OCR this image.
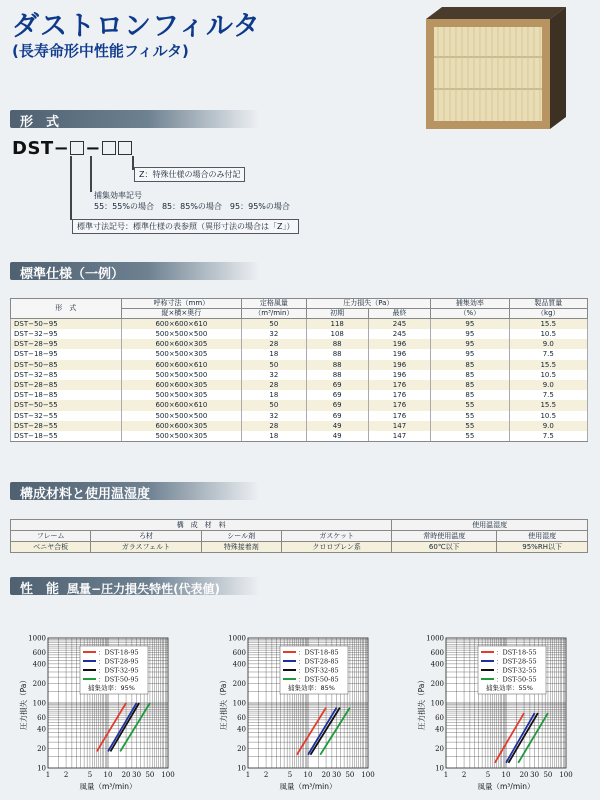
ダストロンフィルタ
(長寿命形中性能フィルタ)
形　式
DST− −
Z：特殊仕様の場合のみ付記
捕集効率記号
55：55%の場合　85：85%の場合　95：95%の場合
標準寸法記号：標準仕様の表参照（異形寸法の場合は「Z」）
標準仕様（一例）
形　式	呼称寸法（mm）	定格風量	圧力損失（Pa）		捕集効率	製品質量
	縦×横×奥行	（m³/min）	初期	最終	（%）	（kg）
DST−50−95	600×600×610	50	118	245	95	15.5
DST−32−95	500×500×500	32	108	245	95	10.5
DST−28−95	600×600×305	28	88	196	95	9.0
DST−18−95	500×500×305	18	88	196	95	7.5
DST−50−85	600×600×610	50	88	196	85	15.5
DST−32−85	500×500×500	32	88	196	85	10.5
DST−28−85	600×600×305	28	69	176	85	9.0
DST−18−85	500×500×305	18	69	176	85	7.5
DST−50−55	600×600×610	50	69	176	55	15.5
DST−32−55	500×500×500	32	69	176	55	10.5
DST−28−55	600×600×305	28	49	147	55	9.0
DST−18−55	500×500×305	18	49	147	55	7.5
構成材料と使用温湿度
構　成　材　料				使用温湿度	
フレーム	ろ材	シール剤	ガスケット	常時使用温度	使用湿度
ベニヤ合板	ガラスフェルト	特殊接着剤	クロロプレン系	60℃以下	95%RH以下
性　能 風量−圧力損失特性(代表値)
10
20
40
60
100
200
400
600
1000
1 2	5 10 20 30 50 100
風量（m³/min）
圧力損失（Pa）
：DST-18-95
：DST-28-95
：DST-32-95
：DST-50-95
捕集効率：95%
10
20
40
60
100
200
400
600
1000
1 2	5 10 20 30 50 100
風量（m³/min）
圧力損失（Pa）
：DST-18-85
：DST-28-85
：DST-32-85
：DST-50-85
捕集効率：85%
10
20
40
60
100
200
400
600
1000
1 2	5 10 20 30 50 100
風量（m³/min）
圧力損失（Pa）
：DST-18-55
：DST-28-55
：DST-32-55
：DST-50-55
捕集効率：55%
